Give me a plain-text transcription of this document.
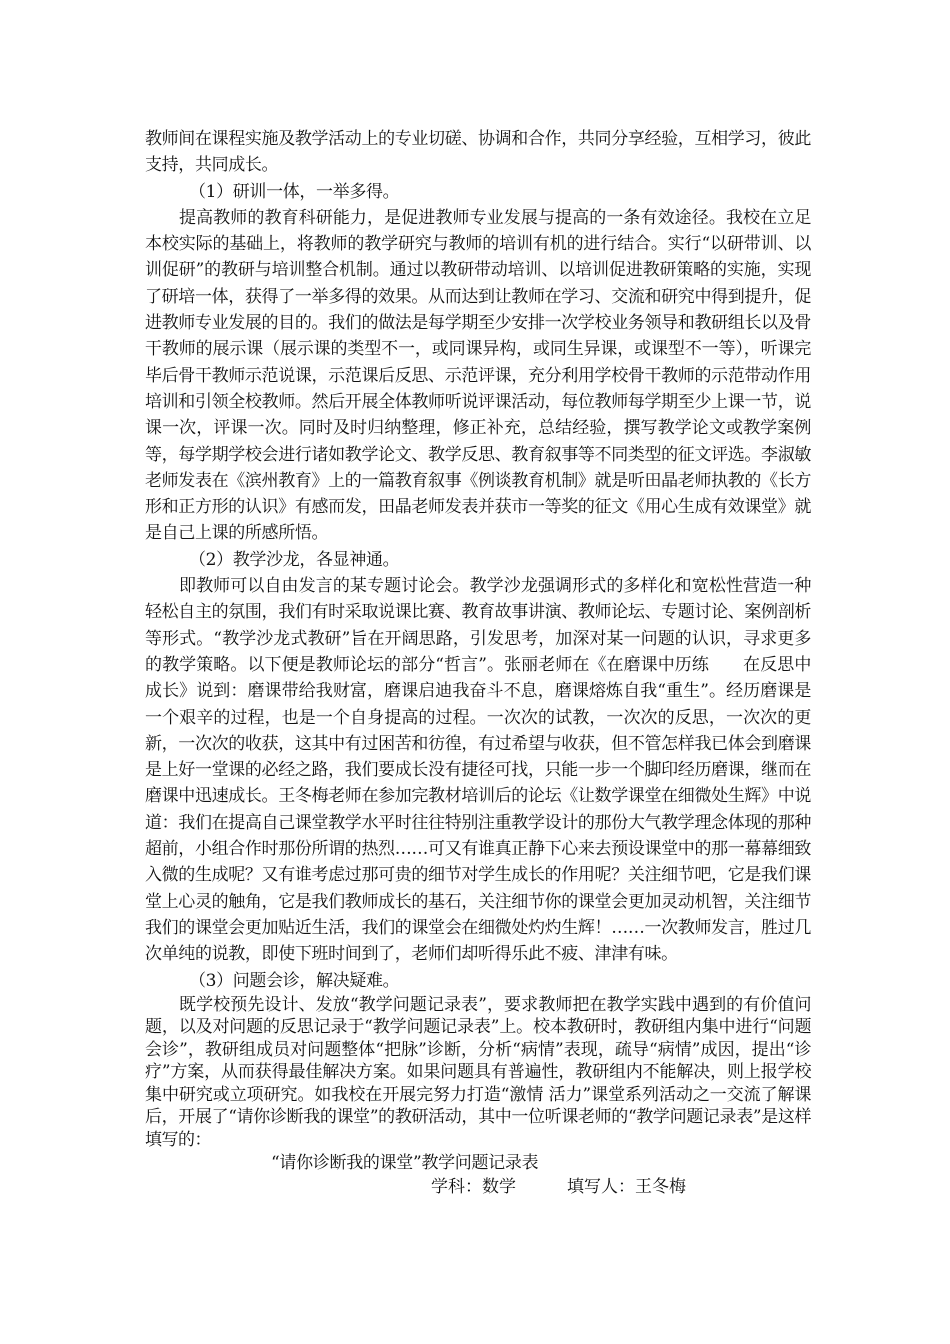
教师间在课程实施及教学活动上的专业切磋、协调和合作，共同分享经验，互相学习，彼此支持，共同成长。

（1）研训一体，一举多得。

提高教师的教育科研能力，是促进教师专业发展与提高的一条有效途径。我校在立足本校实际的基础上，将教师的教学研究与教师的培训有机的进行结合。实行“以研带训、以训促研”的教研与培训整合机制。通过以教研带动培训、以培训促进教研策略的实施，实现了研培一体，获得了一举多得的效果。从而达到让教师在学习、交流和研究中得到提升，促进教师专业发展的目的。我们的做法是每学期至少安排一次学校业务领导和教研组长以及骨干教师的展示课（展示课的类型不一，或同课异构，或同生异课，或课型不一等），听课完毕后骨干教师示范说课，示范课后反思、示范评课，充分利用学校骨干教师的示范带动作用培训和引领全校教师。然后开展全体教师听说评课活动，每位教师每学期至少上课一节，说课一次，评课一次。同时及时归纳整理，修正补充，总结经验，撰写教学论文或教学案例等，每学期学校会进行诸如教学论文、教学反思、教育叙事等不同类型的征文评选。李淑敏老师发表在《滨州教育》上的一篇教育叙事《例谈教育机制》就是听田晶老师执教的《长方形和正方形的认识》有感而发，田晶老师发表并获市一等奖的征文《用心生成有效课堂》就是自己上课的所感所悟。

（2）教学沙龙，各显神通。

即教师可以自由发言的某专题讨论会。教学沙龙强调形式的多样化和宽松性营造一种轻松自主的氛围，我们有时采取说课比赛、教育故事讲演、教师论坛、专题讨论、案例剖析等形式。“教学沙龙式教研”旨在开阔思路，引发思考，加深对某一问题的认识，寻求更多的教学策略。以下便是教师论坛的部分“哲言”。张丽老师在《在磨课中历练　　在反思中成长》说到：磨课带给我财富，磨课启迪我奋斗不息，磨课熔炼自我“重生”。经历磨课是一个艰辛的过程，也是一个自身提高的过程。一次次的试教，一次次的反思，一次次的更新，一次次的收获，这其中有过困苦和彷徨，有过希望与收获，但不管怎样我已体会到磨课是上好一堂课的必经之路，我们要成长没有捷径可找，只能一步一个脚印经历磨课，继而在磨课中迅速成长。王冬梅老师在参加完教材培训后的论坛《让数学课堂在细微处生辉》中说道：我们在提高自己课堂教学水平时往往特别注重教学设计的那份大气教学理念体现的那种超前，小组合作时那份所谓的热烈……可又有谁真正静下心来去预设课堂中的那一幕幕细致入微的生成呢？又有谁考虑过那可贵的细节对学生成长的作用呢？关注细节吧，它是我们课堂上心灵的触角，它是我们教师成长的基石，关注细节你的课堂会更加灵动机智，关注细节我们的课堂会更加贴近生活，我们的课堂会在细微处灼灼生辉！……一次教师发言，胜过几次单纯的说教，即使下班时间到了，老师们却听得乐此不疲、津津有味。

（3）问题会诊，解决疑难。

既学校预先设计、发放“教学问题记录表”，要求教师把在教学实践中遇到的有价值问题，以及对问题的反思记录于“教学问题记录表”上。校本教研时，教研组内集中进行“问题会诊”，教研组成员对问题整体“把脉”诊断，分析“病情”表现，疏导“病情”成因，提出“诊疗”方案，从而获得最佳解决方案。如果问题具有普遍性，教研组内不能解决，则上报学校集中研究或立项研究。如我校在开展完努力打造“激情 活力”课堂系列活动之一交流了解课后，开展了“请你诊断我的课堂”的教研活动，其中一位听课老师的“教学问题记录表”是这样填写的：

“请你诊断我的课堂”教学问题记录表

学科：数学　　　填写人：王冬梅
